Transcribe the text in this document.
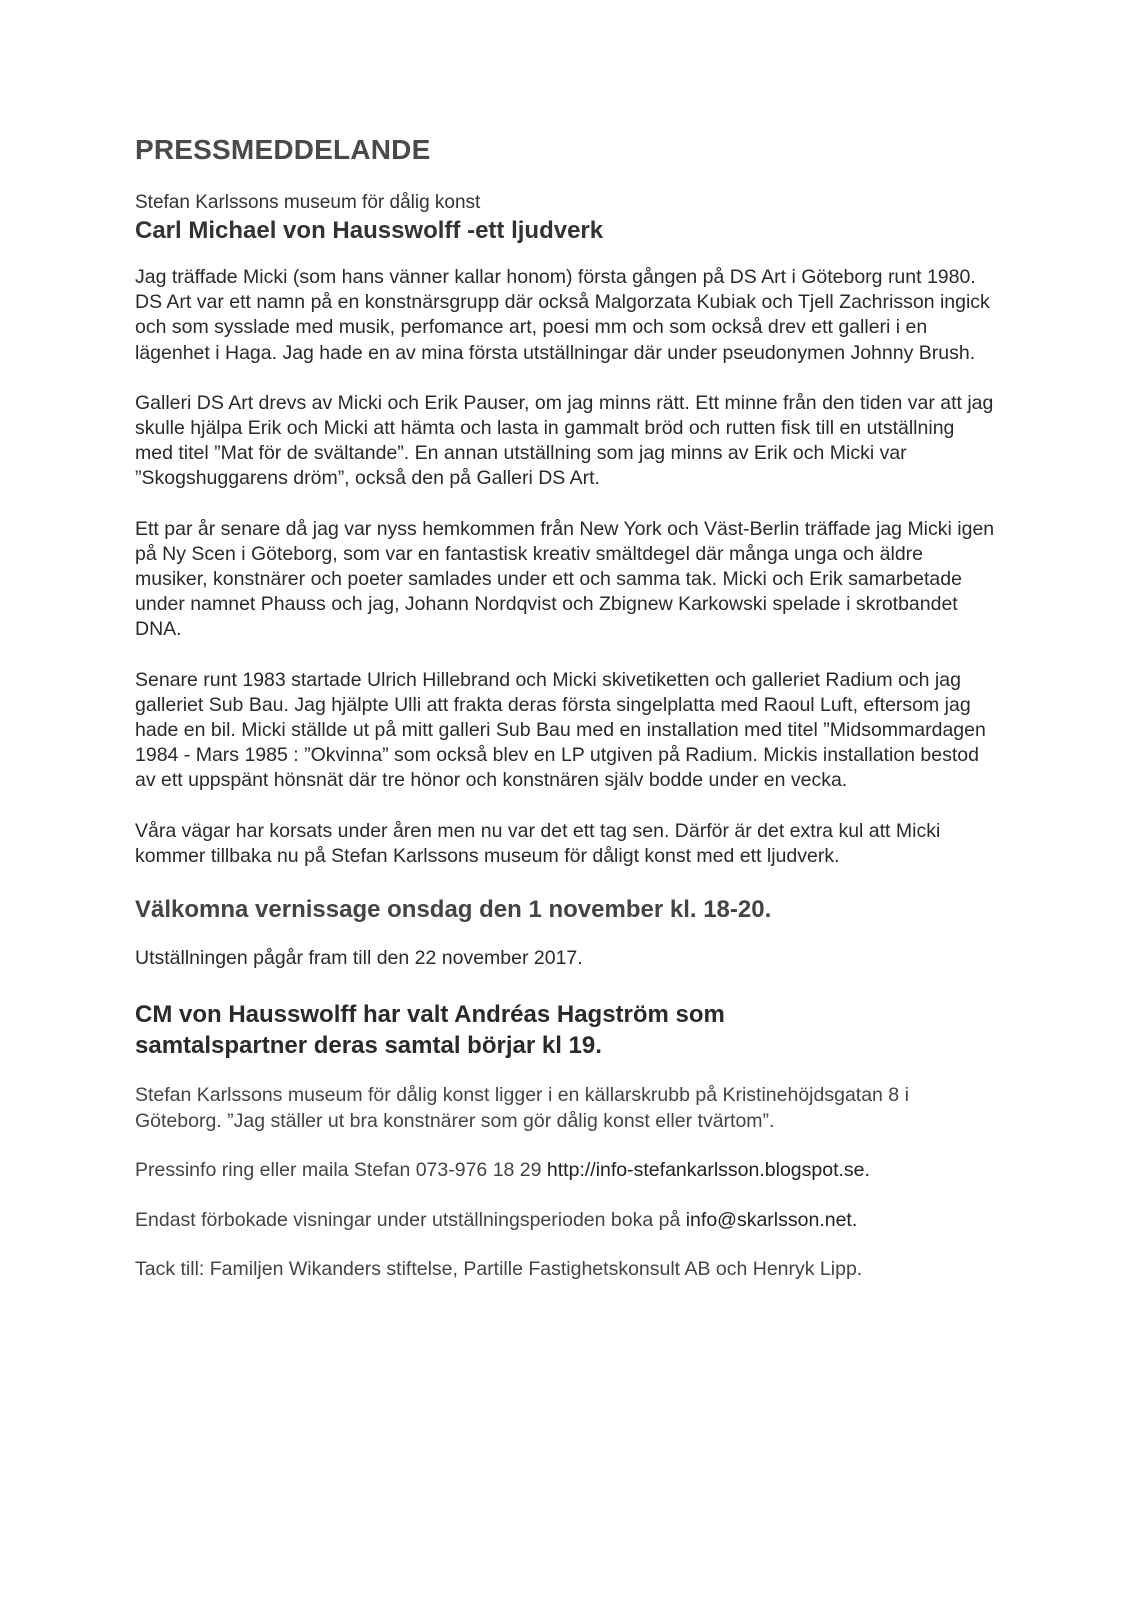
PRESSMEDDELANDE

Stefan Karlssons museum för dålig konst

Carl Michael von Hausswolff -ett ljudverk

Jag träffade Micki (som hans vänner kallar honom) första gången på DS Art i Göteborg runt 1980. DS Art var ett namn på en konstnärsgrupp där också Malgorzata Kubiak och Tjell Zachrisson ingick och som sysslade med musik, perfomance art, poesi mm och som också drev ett galleri i en lägenhet i Haga. Jag hade en av mina första utställningar där under pseudonymen Johnny Brush.

Galleri DS Art drevs av Micki och Erik Pauser, om jag minns rätt. Ett minne från den tiden var att jag skulle hjälpa Erik och Micki att hämta och lasta in gammalt bröd och rutten fisk till en utställning med titel ”Mat för de svältande”. En annan utställning som jag minns av Erik och Micki var ”Skogshuggarens dröm”, också den på Galleri DS Art.

Ett par år senare då jag var nyss hemkommen från New York och Väst-Berlin träffade jag Micki igen på Ny Scen i Göteborg, som var en fantastisk kreativ smältdegel där många unga och äldre musiker, konstnärer och poeter samlades under ett och samma tak. Micki och Erik samarbetade under namnet Phauss och jag, Johann Nordqvist och Zbignew Karkowski spelade i skrotbandet DNA.

Senare runt 1983 startade Ulrich Hillebrand och Micki skivetiketten och galleriet Radium och jag galleriet Sub Bau. Jag hjälpte Ulli att frakta deras första singelplatta med Raoul Luft, eftersom jag hade en bil. Micki ställde ut på mitt galleri Sub Bau med en installation med titel ”Midsommardagen 1984 - Mars 1985 : ”Okvinna” som också blev en LP utgiven på Radium. Mickis installation bestod av ett uppspänt hönsnät där tre hönor och konstnären själv bodde under en vecka.

Våra vägar har korsats under åren men nu var det ett tag sen. Därför är det extra kul att Micki kommer tillbaka nu på Stefan Karlssons museum för dåligt konst med ett ljudverk.

Välkomna vernissage onsdag den 1 november kl. 18-20.

Utställningen pågår fram till den 22 november 2017.

CM von Hausswolff har valt Andréas Hagström som samtalspartner deras samtal börjar kl 19.

Stefan Karlssons museum för dålig konst ligger i en källarskrubb på Kristinehöjdsgatan 8 i Göteborg. ”Jag ställer ut bra konstnärer som gör dålig konst eller tvärtom”.

Pressinfo ring eller maila Stefan 073-976 18 29 http://info-stefankarlsson.blogspot.se.

Endast förbokade visningar under utställningsperioden boka på info@skarlsson.net.

Tack till: Familjen Wikanders stiftelse, Partille Fastighetskonsult AB och Henryk Lipp.
